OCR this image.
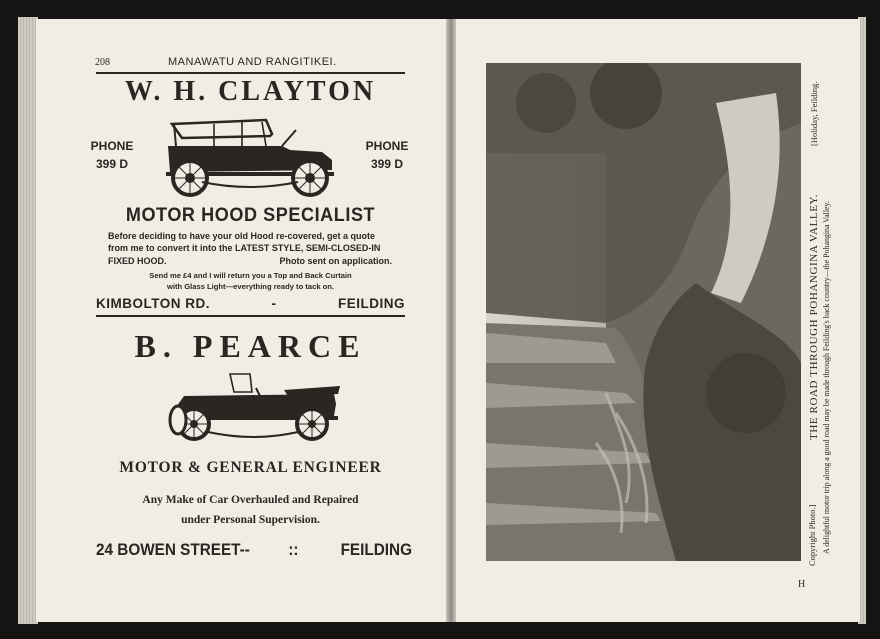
208	MANAWATU AND RANGITIKEI.
W. H. CLAYTON
PHONE
399 D
PHONE
399 D
MOTOR HOOD SPECIALIST
Before deciding to have your old Hood re-covered, get a quote
from me to convert it into the LATEST STYLE, SEMI-CLOSED-IN
FIXED HOOD.	Photo sent on application.
Send me £4 and I will return you a Top and Back Curtain
with Glass Light—everything ready to tack on.
KIMBOLTON RD.	-	FEILDING
B. PEARCE
MOTOR & GENERAL ENGINEER
Any Make of Car Overhauled and Repaired
under Personal Supervision.
24 BOWEN STREET-- :: FEILDING	Copyright Photo.]
THE ROAD THROUGH POHANGINA VALLEY.
[Holiday, Feilding.
A delightful motor trip along a good road may be made through Feilding's back country—the Pohangina Valley.
H
